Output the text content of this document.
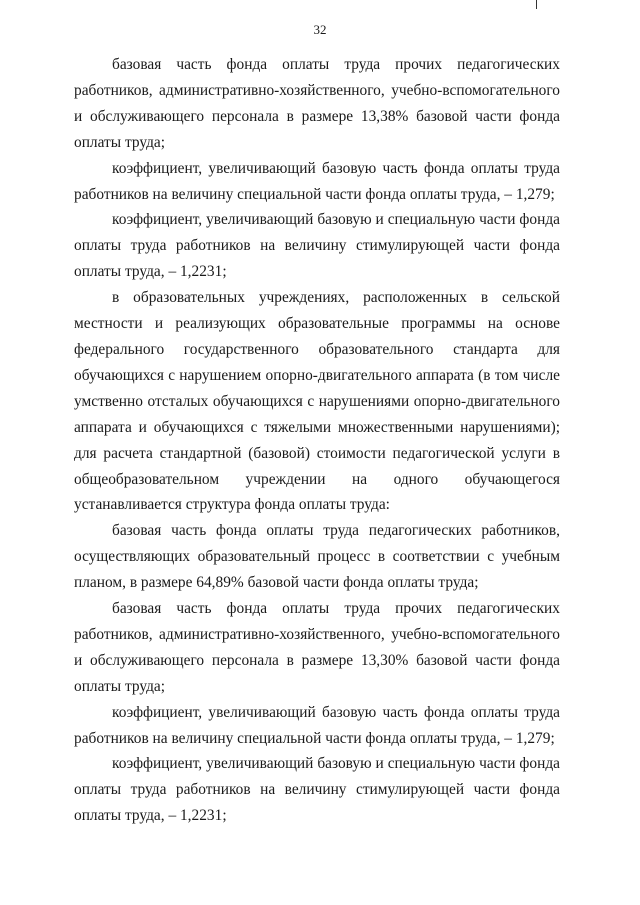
32

базовая часть фонда оплаты труда прочих педагогических работников, административно-хозяйственного, учебно-вспомогательного и обслуживающего персонала в размере 13,38% базовой части фонда оплаты труда;

коэффициент, увеличивающий базовую часть фонда оплаты труда работников на величину специальной части фонда оплаты труда, – 1,279;

коэффициент, увеличивающий базовую и специальную части фонда оплаты труда работников на величину стимулирующей части фонда оплаты труда, – 1,2231;

в образовательных учреждениях, расположенных в сельской местности и реализующих образовательные программы на основе федерального государственного образовательного стандарта для обучающихся с нарушением опорно-двигательного аппарата (в том числе умственно отсталых обучающихся с нарушениями опорно-двигательного аппарата и обучающихся с тяжелыми множественными нарушениями); для расчета стандартной (базовой) стоимости педагогической услуги в общеобразовательном учреждении на одного обучающегося устанавливается структура фонда оплаты труда:

базовая часть фонда оплаты труда педагогических работников, осуществляющих образовательный процесс в соответствии с учебным планом, в размере 64,89% базовой части фонда оплаты труда;

базовая часть фонда оплаты труда прочих педагогических работников, административно-хозяйственного, учебно-вспомогательного и обслуживающего персонала в размере 13,30% базовой части фонда оплаты труда;

коэффициент, увеличивающий базовую часть фонда оплаты труда работников на величину специальной части фонда оплаты труда, – 1,279;

коэффициент, увеличивающий базовую и специальную части фонда оплаты труда работников на величину стимулирующей части фонда оплаты труда, – 1,2231;
